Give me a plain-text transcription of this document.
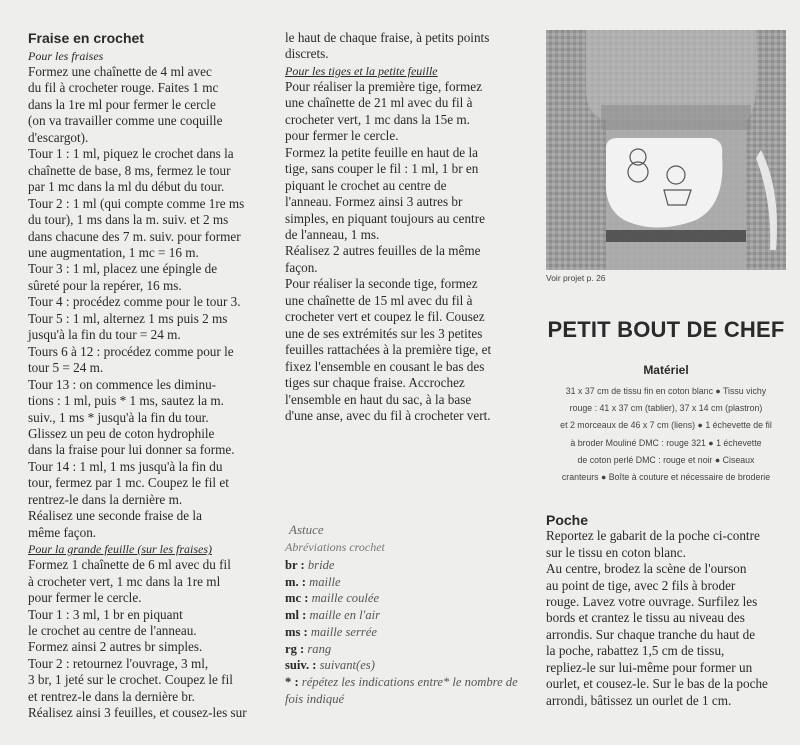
Fraise en crochet

Pour les fraises

Formez une chaînette de 4 ml avec

du fil à crocheter rouge. Faites 1 mc

dans la 1re ml pour fermer le cercle

(on va travailler comme une coquille

d'escargot).

Tour 1 : 1 ml, piquez le crochet dans la

chaînette de base, 8 ms, fermez le tour

par 1 mc dans la ml du début du tour.

Tour 2 : 1 ml (qui compte comme 1re ms

du tour), 1 ms dans la m. suiv. et 2 ms

dans chacune des 7 m. suiv. pour former

une augmentation, 1 mc = 16 m.

Tour 3 : 1 ml, placez une épingle de

sûreté pour la repérer, 16 ms.

Tour 4 : procédez comme pour le tour 3.

Tour 5 : 1 ml, alternez 1 ms puis 2 ms

jusqu'à la fin du tour = 24 m.

Tours 6 à 12 : procédez comme pour le

tour 5 = 24 m.

Tour 13 : on commence les diminu-

tions : 1 ml, puis * 1 ms, sautez la m.

suiv., 1 ms * jusqu'à la fin du tour.

Glissez un peu de coton hydrophile

dans la fraise pour lui donner sa forme.

Tour 14 : 1 ml, 1 ms jusqu'à la fin du

tour, fermez par 1 mc. Coupez le fil et

rentrez-le dans la dernière m.

Réalisez une seconde fraise de la

même façon.

Pour la grande feuille (sur les fraises)

Formez 1 chaînette de 6 ml avec du fil

à crocheter vert, 1 mc dans la 1re ml

pour fermer le cercle.

Tour 1 : 3 ml, 1 br en piquant

le crochet au centre de l'anneau.

Formez ainsi 2 autres br simples.

Tour 2 : retournez l'ouvrage, 3 ml,

3 br, 1 jeté sur le crochet. Coupez le fil

et rentrez-le dans la dernière br.

Réalisez ainsi 3 feuilles, et cousez-les sur

le haut de chaque fraise, à petits points

discrets.

Pour les tiges et la petite feuille

Pour réaliser la première tige, formez

une chaînette de 21 ml avec du fil à

crocheter vert, 1 mc dans la 15e m.

pour fermer le cercle.

Formez la petite feuille en haut de la

tige, sans couper le fil : 1 ml, 1 br en

piquant le crochet au centre de

l'anneau. Formez ainsi 3 autres br

simples, en piquant toujours au centre

de l'anneau, 1 ms.

Réalisez 2 autres feuilles de la même

façon.

Pour réaliser la seconde tige, formez

une chaînette de 15 ml avec du fil à

crocheter vert et coupez le fil. Cousez

une de ses extrémités sur les 3 petites

feuilles rattachées à la première tige, et

fixez l'ensemble en cousant le bas des

tiges sur chaque fraise. Accrochez

l'ensemble en haut du sac, à la base

d'une anse, avec du fil à crocheter vert.

Astuce
Abréviations crochet

br : bride

m. : maille

mc : maille coulée

ml : maille en l'air

ms : maille serrée

rg : rang

suiv. : suivant(es)

* : répétez les indications entre* le nombre de

fois indiqué

Voir projet p. 26

PETIT BOUT DE CHEF
Matériel

31 x 37 cm de tissu fin en coton blanc ● Tissu vichy

rouge : 41 x 37 cm (tablier), 37 x 14 cm (plastron)

et 2 morceaux de 46 x 7 cm (liens) ● 1 échevette de fil

à broder Mouliné DMC : rouge 321 ● 1 échevette

de coton perlé DMC : rouge et noir ● Ciseaux

cranteurs ● Boîte à couture et nécessaire de broderie

Poche

Reportez le gabarit de la poche ci-contre

sur le tissu en coton blanc.

Au centre, brodez la scène de l'ourson

au point de tige, avec 2 fils à broder

rouge. Lavez votre ouvrage. Surfilez les

bords et crantez le tissu au niveau des

arrondis. Sur chaque tranche du haut de

la poche, rabattez 1,5 cm de tissu,

repliez-le sur lui-même pour former un

ourlet, et cousez-le. Sur le bas de la poche

arrondi, bâtissez un ourlet de 1 cm.
